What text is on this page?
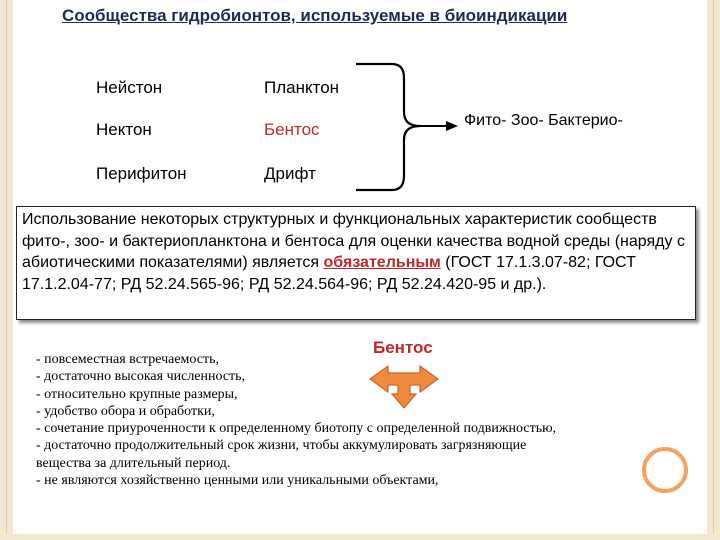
Сообщества гидробионтов, используемые в биоиндикации
Нейстон	Планктон
Нектон	Бентос
Перифитон	Дрифт
Фито- Зоо- Бактерио-
Использование некоторых структурных и функциональных характеристик сообществ фито-, зоо- и бактериопланктона и бентоса для оценки качества водной среды (наряду с абиотическими показателями) является обязательным (ГОСТ 17.1.3.07-82; ГОСТ 17.1.2.04-77; РД 52.24.565-96; РД 52.24.564-96; РД 52.24.420-95 и др.).
Бентос
- повсеместная встречаемость,
- достаточно высокая численность,
- относительно крупные размеры,
- удобство обора и обработки,
- сочетание приуроченности к определенному биотопу с определенной подвижностью,
- достаточно продолжительный срок жизни, чтобы аккумулировать загрязняющие
вещества за длительный период.
- не являются хозяйственно ценными или уникальными объектами,
